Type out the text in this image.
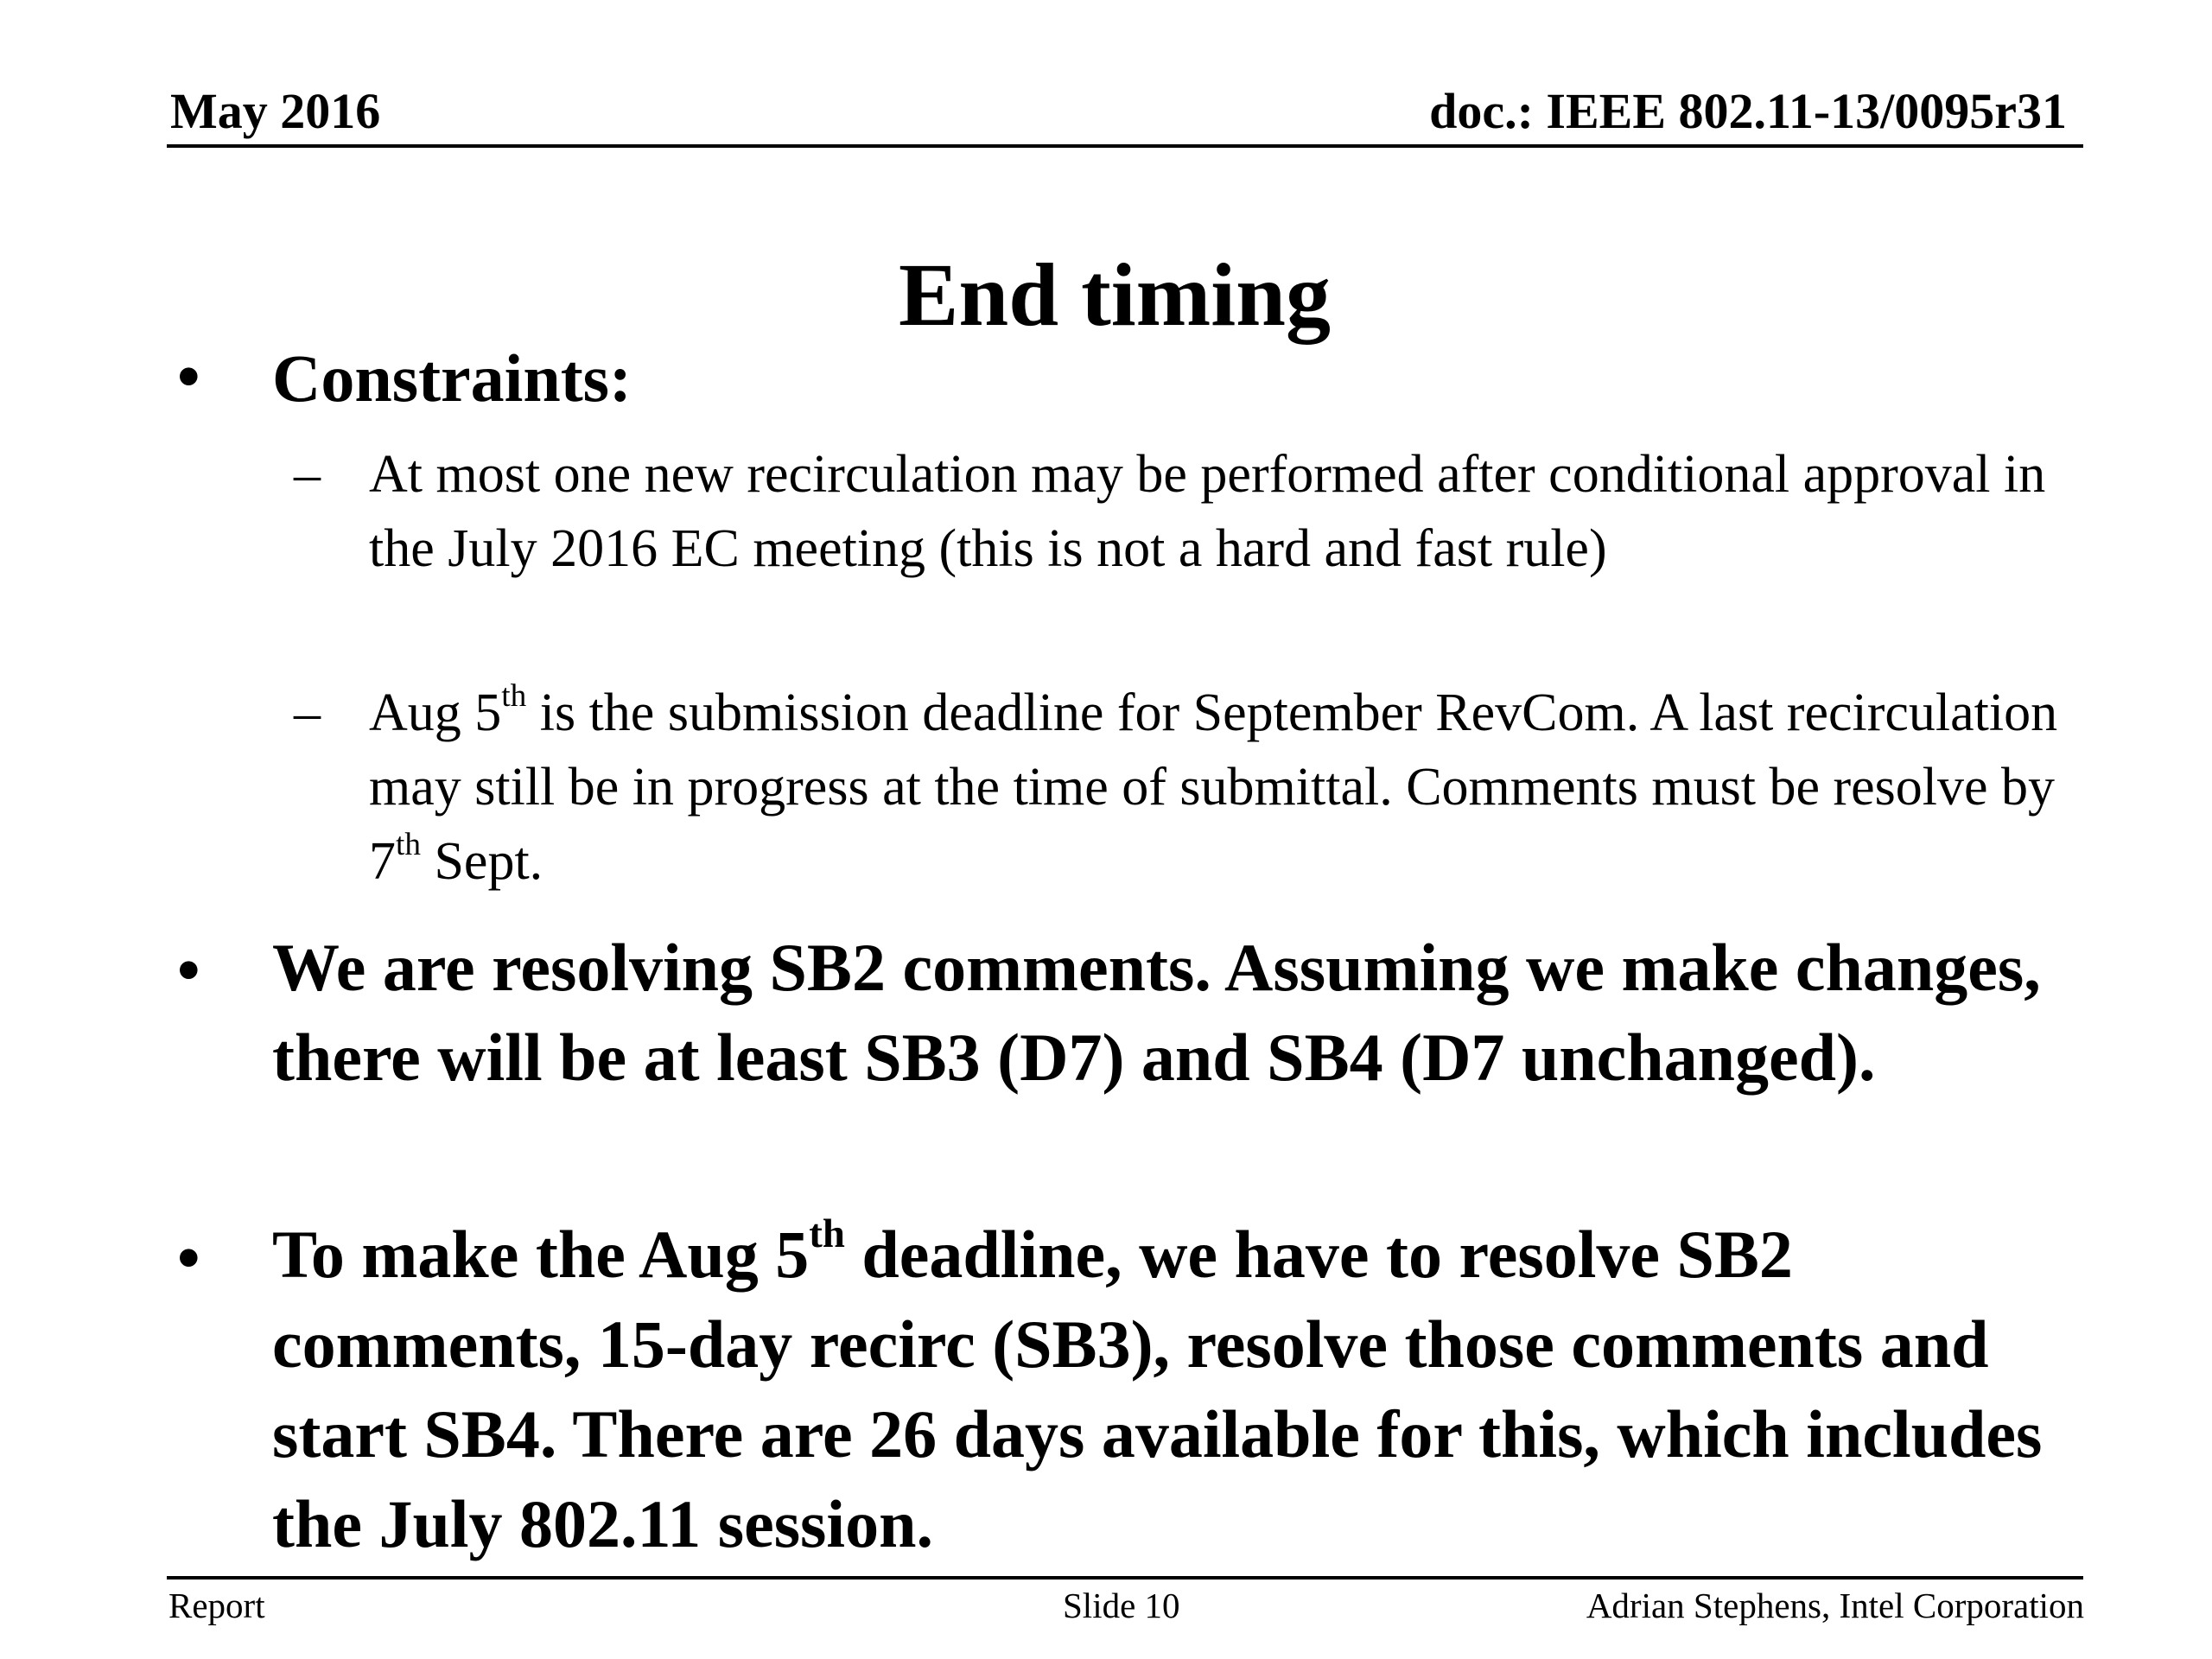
May 2016	doc.: IEEE 802.11-13/0095r31
End timing
• Constraints:
– At most one new recirculation may be performed after conditional approval in the July 2016 EC meeting (this is not a hard and fast rule)
– Aug 5th is the submission deadline for September RevCom. A last recirculation may still be in progress at the time of submittal. Comments must be resolve by 7th Sept.
• We are resolving SB2 comments. Assuming we make changes, there will be at least SB3 (D7) and SB4 (D7 unchanged).
• To make the Aug 5th deadline, we have to resolve SB2 comments, 15-day recirc (SB3), resolve those comments and start SB4. There are 26 days available for this, which includes the July 802.11 session.
Report	Slide 10	Adrian Stephens, Intel Corporation
